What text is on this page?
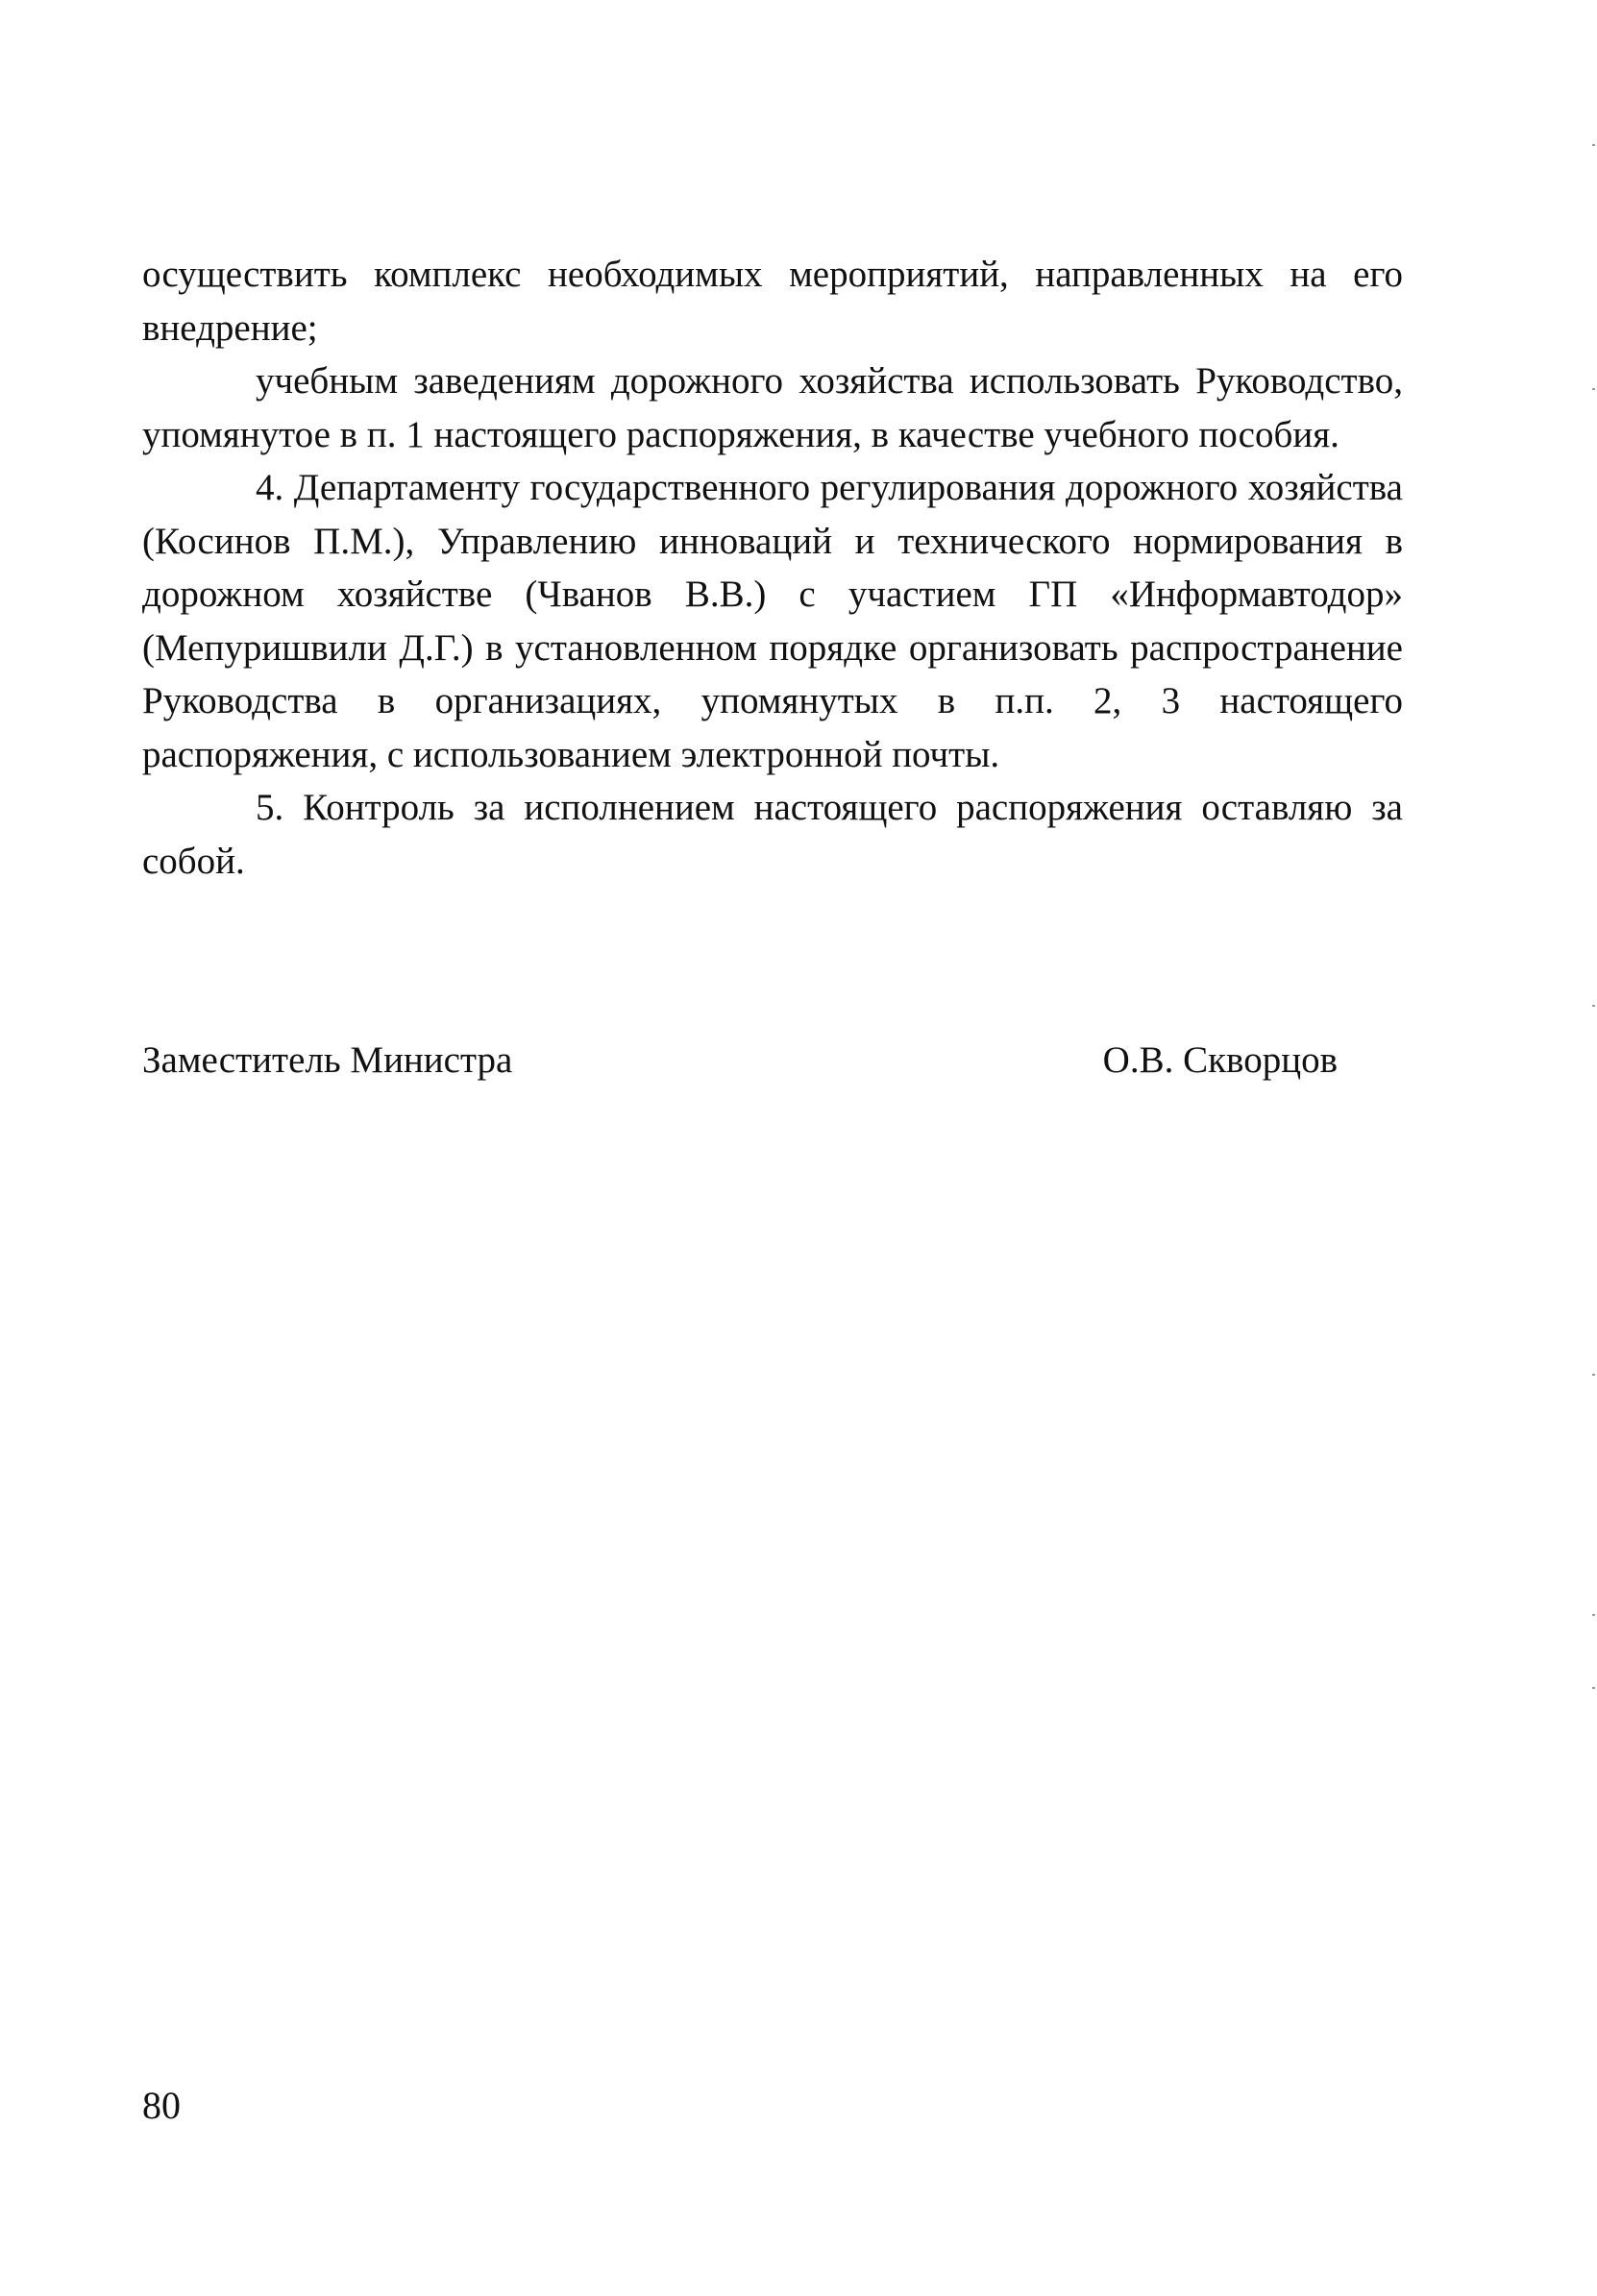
осуществить комплекс необходимых мероприятий, направленных на его внедрение;

учебным заведениям дорожного хозяйства использовать Руководство, упомянутое в п. 1 настоящего распоряжения, в качестве учебного пособия.

4. Департаменту государственного регулирования дорожного хозяйства (Косинов П.М.), Управлению инноваций и технического нормирования в дорожном хозяйстве (Чванов В.В.) с участием ГП «Информавтодор» (Мепуришвили Д.Г.) в установленном порядке организовать распространение Руководства в организациях, упомянутых в п.п. 2, 3 настоящего распоряжения, с использованием электронной почты.

5. Контроль за исполнением настоящего распоряжения оставляю за собой.

Заместитель Министра	О.В. Скворцов
80
